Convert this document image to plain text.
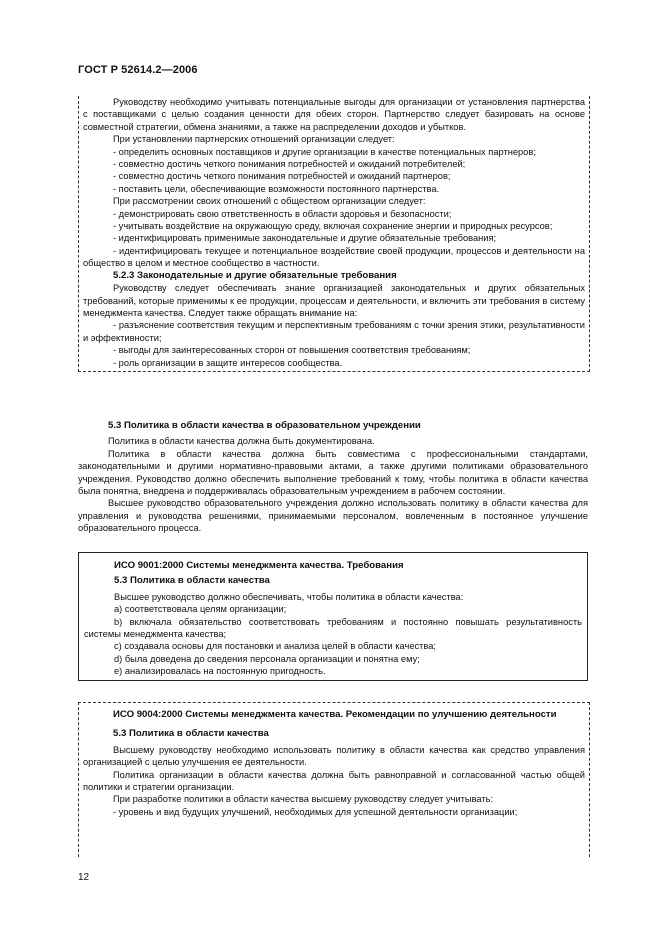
ГОСТ Р 52614.2—2006

Руководству необходимо учитывать потенциальные выгоды для организации от установления партнерства с поставщиками с целью создания ценности для обеих сторон. Партнерство следует базировать на основе совместной стратегии, обмена знаниями, а также на распределении доходов и убытков.

При установлении партнерских отношений организации следует:

- определить основных поставщиков и другие организации в качестве потенциальных партнеров;

- совместно достичь четкого понимания потребностей и ожиданий потребителей;

- совместно достичь четкого понимания потребностей и ожиданий партнеров;

- поставить цели, обеспечивающие возможности постоянного партнерства.

При рассмотрении своих отношений с обществом организации следует:

- демонстрировать свою ответственность в области здоровья и безопасности;

- учитывать воздействие на окружающую среду, включая сохранение энергии и природных ресурсов;

- идентифицировать применимые законодательные и другие обязательные требования;

- идентифицировать текущее и потенциальное воздействие своей продукции, процессов и деятельности на общество в целом и местное сообщество в частности.

5.2.3 Законодательные и другие обязательные требования

Руководству следует обеспечивать знание организацией законодательных и других обязательных требований, которые применимы к ее продукции, процессам и деятельности, и включить эти требования в систему менеджмента качества. Следует также обращать внимание на:

- разъяснение соответствия текущим и перспективным требованиям с точки зрения этики, результативности и эффективности;

- выгоды для заинтересованных сторон от повышения соответствия требованиям;

- роль организации в защите интересов сообщества.

5.3 Политика в области качества в образовательном учреждении

Политика в области качества должна быть документирована.

Политика в области качества должна быть совместима с профессиональными стандартами, законодательными и другими нормативно-правовыми актами, а также другими политиками образовательного учреждения. Руководство должно обеспечить выполнение требований к тому, чтобы политика в области качества была понятна, внедрена и поддерживалась образовательным учреждением в рабочем состоянии.

Высшее руководство образовательного учреждения должно использовать политику в области качества для управления и руководства решениями, принимаемыми персоналом, вовлеченным в постоянное улучшение образовательного процесса.

ИСО 9001:2000 Системы менеджмента качества. Требования
5.3 Политика в области качества

Высшее руководство должно обеспечивать, чтобы политика в области качества:

a) соответствовала целям организации;

b) включала обязательство соответствовать требованиям и постоянно повышать результативность системы менеджмента качества;

c) создавала основы для постановки и анализа целей в области качества;

d) была доведена до сведения персонала организации и понятна ему;

e) анализировалась на постоянную пригодность.

ИСО 9004:2000 Системы менеджмента качества. Рекомендации по улучшению деятельности
5.3 Политика в области качества

Высшему руководству необходимо использовать политику в области качества как средство управления организацией с целью улучшения ее деятельности.

Политика организации в области качества должна быть равноправной и согласованной частью общей политики и стратегии организации.

При разработке политики в области качества высшему руководству следует учитывать:

- уровень и вид будущих улучшений, необходимых для успешной деятельности организации;

12
